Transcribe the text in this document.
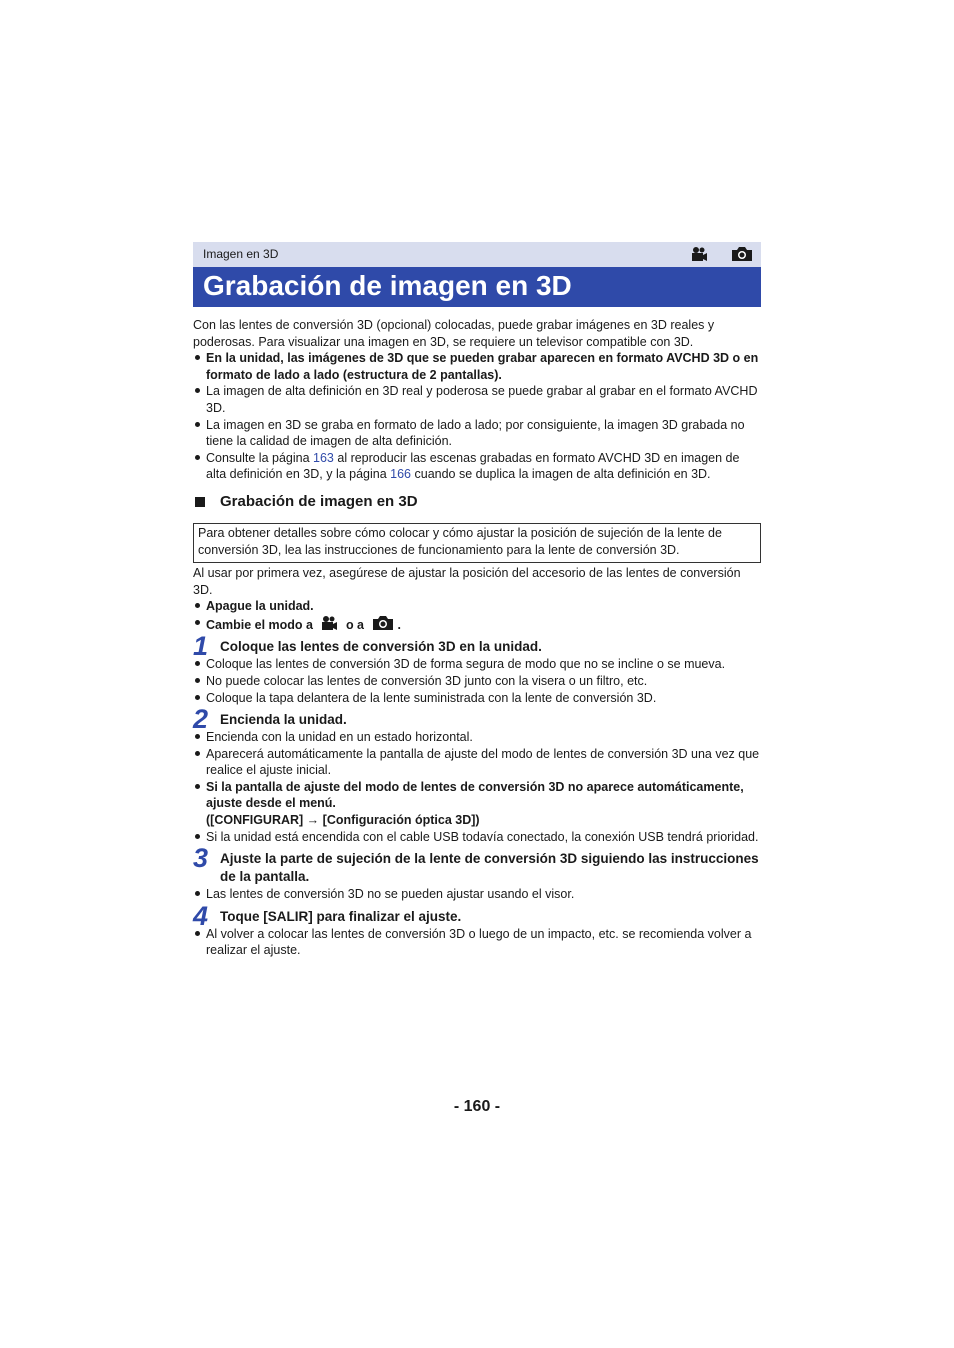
Imagen en 3D

Grabación de imagen en 3D

Con las lentes de conversión 3D (opcional) colocadas, puede grabar imágenes en 3D reales y poderosas. Para visualizar una imagen en 3D, se requiere un televisor compatible con 3D.

En la unidad, las imágenes de 3D que se pueden grabar aparecen en formato AVCHD 3D o en formato de lado a lado (estructura de 2 pantallas).
La imagen de alta definición en 3D real y poderosa se puede grabar al grabar en el formato AVCHD 3D.
La imagen en 3D se graba en formato de lado a lado; por consiguiente, la imagen 3D grabada no tiene la calidad de imagen de alta definición.
Consulte la página 163 al reproducir las escenas grabadas en formato AVCHD 3D en imagen de alta definición en 3D, y la página 166 cuando se duplica la imagen de alta definición en 3D.
Grabación de imagen en 3D
Para obtener detalles sobre cómo colocar y cómo ajustar la posición de sujeción de la lente de conversión 3D, lea las instrucciones de funcionamiento para la lente de conversión 3D.

Al usar por primera vez, asegúrese de ajustar la posición del accesorio de las lentes de conversión 3D.

Apague la unidad.
Cambie el modo a	o a	.
1 Coloque las lentes de conversión 3D en la unidad.
Coloque las lentes de conversión 3D de forma segura de modo que no se incline o se mueva.
No puede colocar las lentes de conversión 3D junto con la visera o un filtro, etc.
Coloque la tapa delantera de la lente suministrada con la lente de conversión 3D.
2 Encienda la unidad.
Encienda con la unidad en un estado horizontal.
Aparecerá automáticamente la pantalla de ajuste del modo de lentes de conversión 3D una vez que realice el ajuste inicial.
Si la pantalla de ajuste del modo de lentes de conversión 3D no aparece automáticamente, ajuste desde el menú.
([CONFIGURAR] → [Configuración óptica 3D])
Si la unidad está encendida con el cable USB todavía conectado, la conexión USB tendrá prioridad.
3 Ajuste la parte de sujeción de la lente de conversión 3D siguiendo las instrucciones de la pantalla.
Las lentes de conversión 3D no se pueden ajustar usando el visor.
4 Toque [SALIR] para finalizar el ajuste.
Al volver a colocar las lentes de conversión 3D o luego de un impacto, etc. se recomienda volver a realizar el ajuste.
- 160 -
